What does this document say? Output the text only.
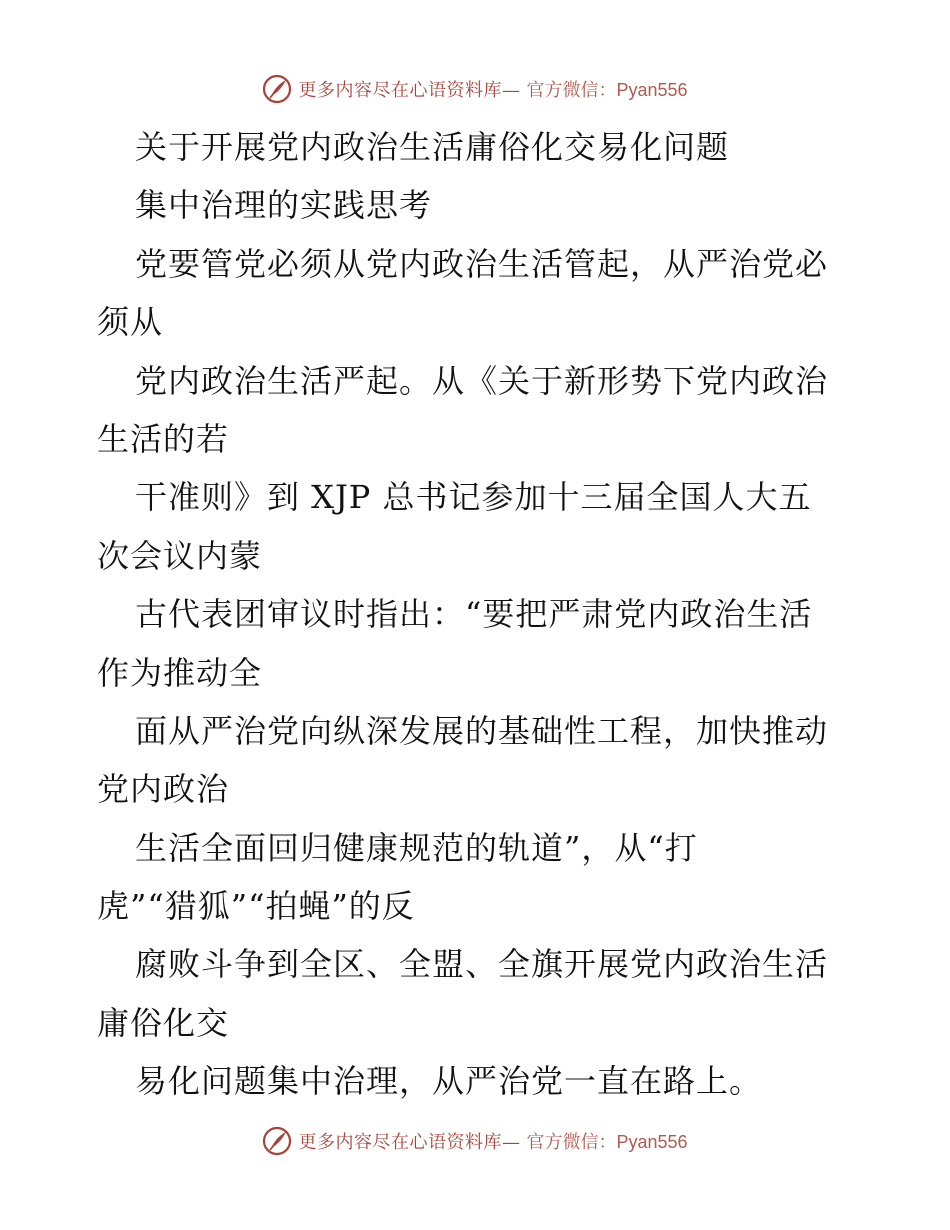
更多内容尽在心语资料库— 官方微信：Pyan556
关于开展党内政治生活庸俗化交易化问题
集中治理的实践思考
党要管党必须从党内政治生活管起，从严治党必
须从
党内政治生活严起。从《关于新形势下党内政治
生活的若
干准则》到 XJP 总书记参加十三届全国人大五
次会议内蒙
古代表团审议时指出：“要把严肃党内政治生活
作为推动全
面从严治党向纵深发展的基础性工程，加快推动
党内政治
生活全面回归健康规范的轨道”，从“打
虎”“猎狐”“拍蝇”的反
腐败斗争到全区、全盟、全旗开展党内政治生活
庸俗化交
易化问题集中治理，从严治党一直在路上。
更多内容尽在心语资料库— 官方微信：Pyan556
